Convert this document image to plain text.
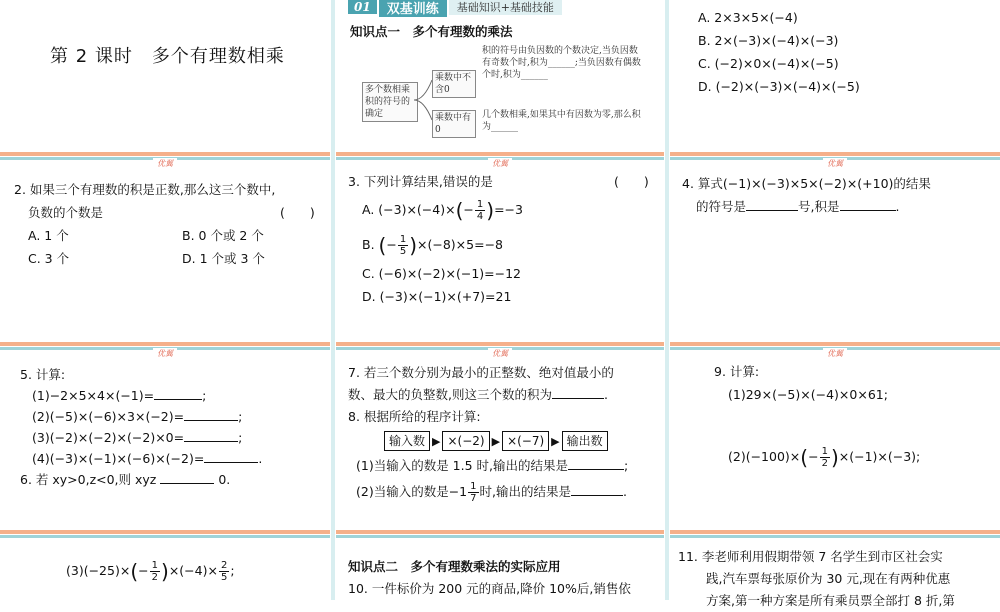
第 2 课时　多个有理数相乘
01	双基训练	基础知识+基础技能
知识点一　多个有理数的乘法
多个数相乘积的符号的确定
乘数中不含0
积的符号由负因数的个数决定,当负因数有奇数个时,积为______;当负因数有偶数个时,积为______
乘数中有0
几个数相乘,如果其中有因数为零,那么积为______
A. 2×3×5×(−4)
B. 2×(−3)×(−4)×(−3)
C. (−2)×0×(−4)×(−5)
D. (−2)×(−3)×(−4)×(−5)
优翼
2. 如果三个有理数的积是正数,那么这三个数中,
负数的个数是	(　　)
A. 1 个	B. 0 个或 2 个
C. 3 个	D. 1 个或 3 个
优翼
3. 下列计算结果,错误的是	(　　)
A. $(-3)\times(-4)\times(- \frac{1}{4} )=-3$
B. (− $\frac{1}{5} )\times(-8)\times 5=-8$
C. (−6)×(−2)×(−1)=−12
D. (−3)×(−1)×(+7)=21
优翼
4. 算式(−1)×(−3)×5×(−2)×(+10)的结果
的符号是	号,积是	.
优翼
5. 计算:
(1)−2×5×4×(−1)=	;
(2)(−5)×(−6)×3×(−2)=	;
(3)(−2)×(−2)×(−2)×0=	;
(4)(−3)×(−1)×(−6)×(−2)=	.
6. 若 xy>0,z<0,则 xyz	0.
优翼
7. 若三个数分别为最小的正整数、绝对值最小的
数、最大的负整数,则这三个数的积为	.
8. 根据所给的程序计算:
输入数 ▶ ×(−2) ▶ ×(−7) ▶ 输出数
(1)当输入的数是 1.5 时,输出的结果是	;
(2)当输入的数是$-1 \frac{1}{7}$ 时,输出的结果是	.
优翼
9. 计算:
(1)29×(−5)×(−4)×0×61;
$(2)(-100)\times(- \frac{1}{2} )\times(-1)\times(-3)$;
$(3)(-25)\times(- \frac{1}{2} )\times(-4)\times \frac{2}{5}$ ;	知识点二　多个有理数乘法的实际应用
10. 一件标价为 200 元的商品,降价 10%后,销售依
11. 李老师利用假期带领 7 名学生到市区社会实
践,汽车票每张原价为 30 元,现在有两种优惠
方案,第一种方案是所有乘员票全部打 8 折,第
